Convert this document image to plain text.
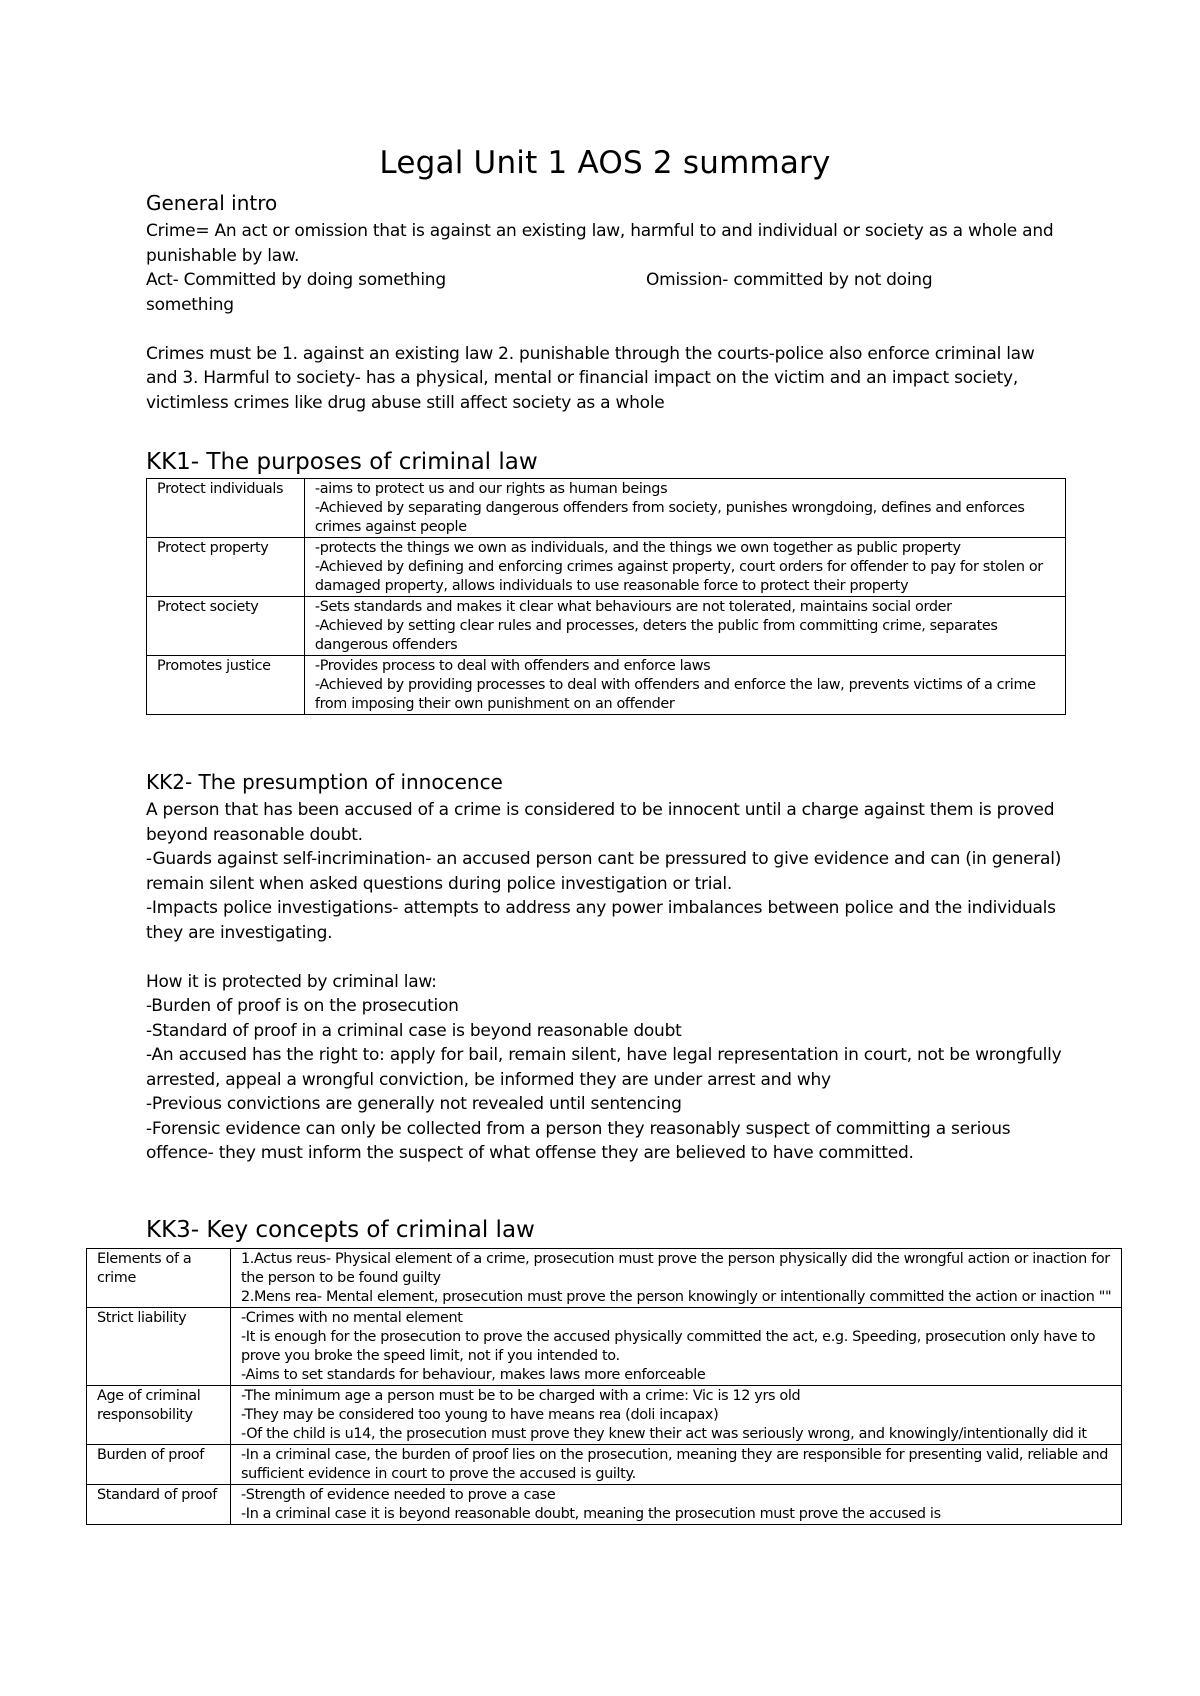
Legal Unit 1 AOS 2 summary
General intro

Crime= An act or omission that is against an existing law, harmful to and individual or society as a whole and punishable by law.

Act- Committed by doing something	Omission- committed by not doing

something

Crimes must be 1. against an existing law 2. punishable through the courts-police also enforce criminal law and 3. Harmful to society- has a physical, mental or financial impact on the victim and an impact society, victimless crimes like drug abuse still affect society as a whole

KK1- The purposes of criminal law
Protect individuals	-aims to protect us and our rights as human beings

-Achieved by separating dangerous offenders from society, punishes wrongdoing, defines and enforces crimes against people

Protect property	-protects the things we own as individuals, and the things we own together as public property

-Achieved by defining and enforcing crimes against property, court orders for offender to pay for stolen or damaged property, allows individuals to use reasonable force to protect their property

Protect society	-Sets standards and makes it clear what behaviours are not tolerated, maintains social order

-Achieved by setting clear rules and processes, deters the public from committing crime, separates dangerous offenders

Promotes justice	-Provides process to deal with offenders and enforce laws

-Achieved by providing processes to deal with offenders and enforce the law, prevents victims of a crime from imposing their own punishment on an offender

KK2- The presumption of innocence

A person that has been accused of a crime is considered to be innocent until a charge against them is proved beyond reasonable doubt.

-Guards against self-incrimination- an accused person cant be pressured to give evidence and can (in general) remain silent when asked questions during police investigation or trial.

-Impacts police investigations- attempts to address any power imbalances between police and the individuals they are investigating.

How it is protected by criminal law:

-Burden of proof is on the prosecution

-Standard of proof in a criminal case is beyond reasonable doubt

-An accused has the right to: apply for bail, remain silent, have legal representation in court, not be wrongfully arrested, appeal a wrongful conviction, be informed they are under arrest and why

-Previous convictions are generally not revealed until sentencing

-Forensic evidence can only be collected from a person they reasonably suspect of committing a serious offence- they must inform the suspect of what offense they are believed to have committed.

KK3- Key concepts of criminal law
Elements of a crime	1.Actus reus- Physical element of a crime, prosecution must prove the person physically did the wrongful action or inaction for the person to be found guilty

2.Mens rea- Mental element, prosecution must prove the person knowingly or intentionally committed the action or inaction ""

Strict liability	-Crimes with no mental element

-It is enough for the prosecution to prove the accused physically committed the act, e.g. Speeding, prosecution only have to prove you broke the speed limit, not if you intended to.

-Aims to set standards for behaviour, makes laws more enforceable

Age of criminal responsobility	-The minimum age a person must be to be charged with a crime: Vic is 12 yrs old

-They may be considered too young to have means rea (doli incapax)

-Of the child is u14, the prosecution must prove they knew their act was seriously wrong, and knowingly/intentionally did it

Burden of proof	-In a criminal case, the burden of proof lies on the prosecution, meaning they are responsible for presenting valid, reliable and sufficient evidence in court to prove the accused is guilty.

Standard of proof	-Strength of evidence needed to prove a case

-In a criminal case it is beyond reasonable doubt, meaning the prosecution must prove the accused is
